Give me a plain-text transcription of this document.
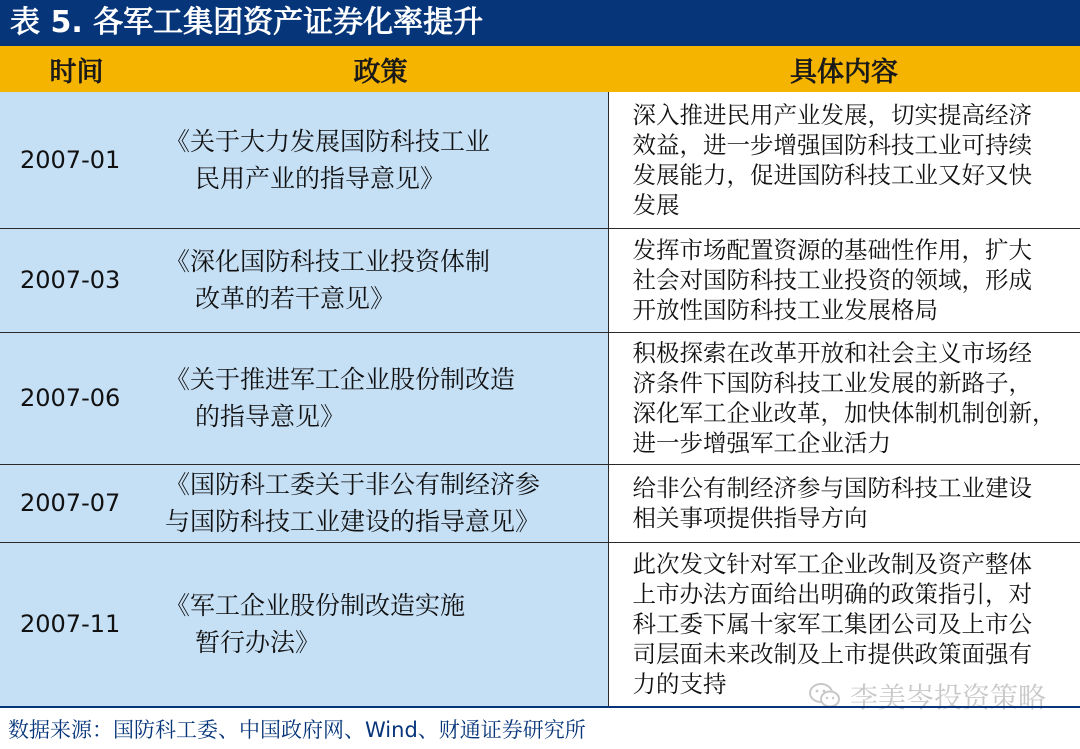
表 5. 各军工集团资产证券化率提升
时间	政策	具体内容
2007-01	《关于大力发展国防科技工业
民用产业的指导意见》	深入推进民用产业发展，切实提高经济
效益，进一步增强国防科技工业可持续
发展能力，促进国防科技工业又好又快
发展

2007-03	《深化国防科技工业投资体制
改革的若干意见》	发挥市场配置资源的基础性作用，扩大
社会对国防科技工业投资的领域，形成
开放性国防科技工业发展格局

2007-06	《关于推进军工企业股份制改造
的指导意见》	积极探索在改革开放和社会主义市场经
济条件下国防科技工业发展的新路子，
深化军工企业改革，加快体制机制创新，
进一步增强军工企业活力

2007-07	《国防科工委关于非公有制经济参
与国防科技工业建设的指导意见》	给非公有制经济参与国防科技工业建设
相关事项提供指导方向

2007-11	《军工企业股份制改造实施
暂行办法》	此次发文针对军工企业改制及资产整体
上市办法方面给出明确的政策指引，对
科工委下属十家军工集团公司及上市公
司层面未来改制及上市提供政策面强有
力的支持	李美岑投资策略
数据来源：国防科工委、中国政府网、Wind、财通证券研究所
